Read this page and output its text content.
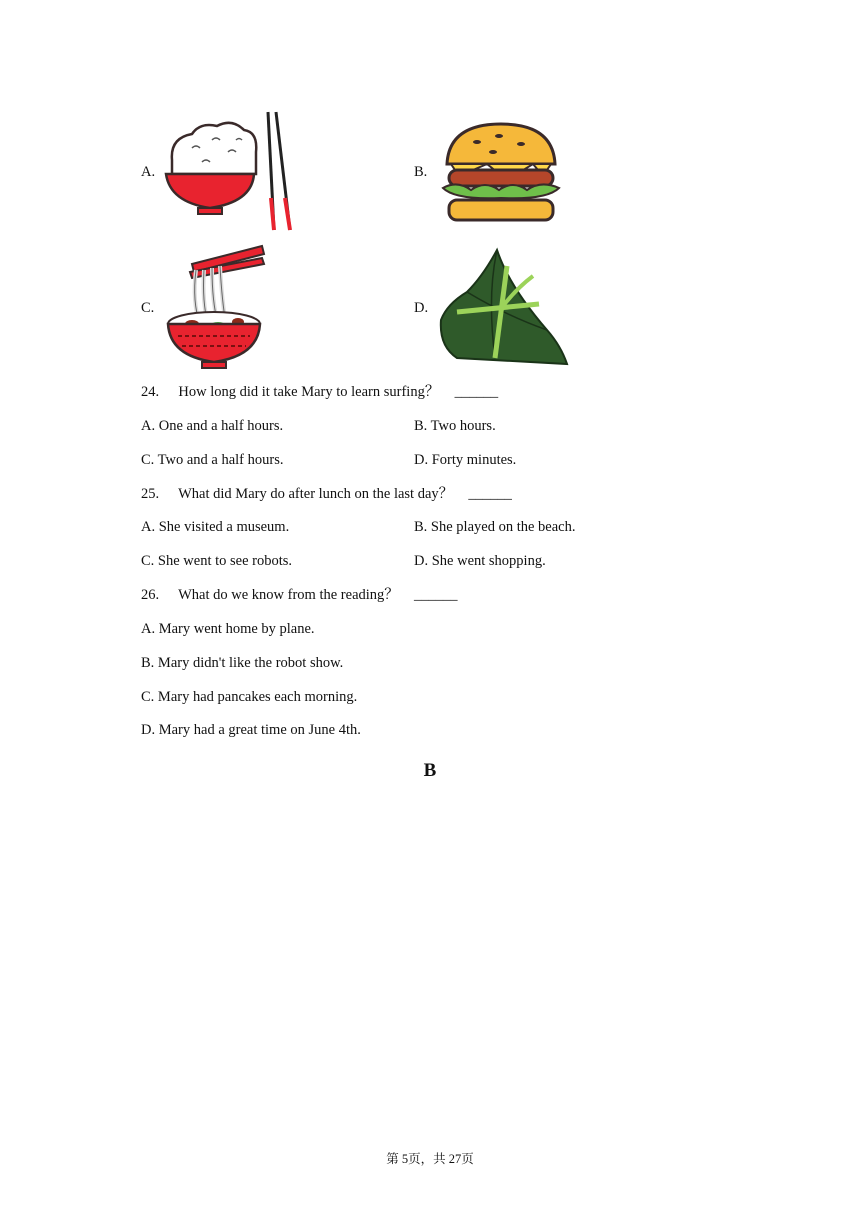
A.	B.
C.	D.
24. How long did it take Mary to learn surfing？ ______
A. One and a half hours.	B. Two hours.
C. Two and a half hours.	D. Forty minutes.
25. What did Mary do after lunch on the last day？ ______
A. She visited a museum.	B. She played on the beach.
C. She went to see robots.	D. She went shopping.
26. What do we know from the reading？ ______
A. Mary went home by plane.
B. Mary didn't like the robot show.
C. Mary had pancakes each morning.
D. Mary had a great time on June 4th.
B
第 5页，共 27页
